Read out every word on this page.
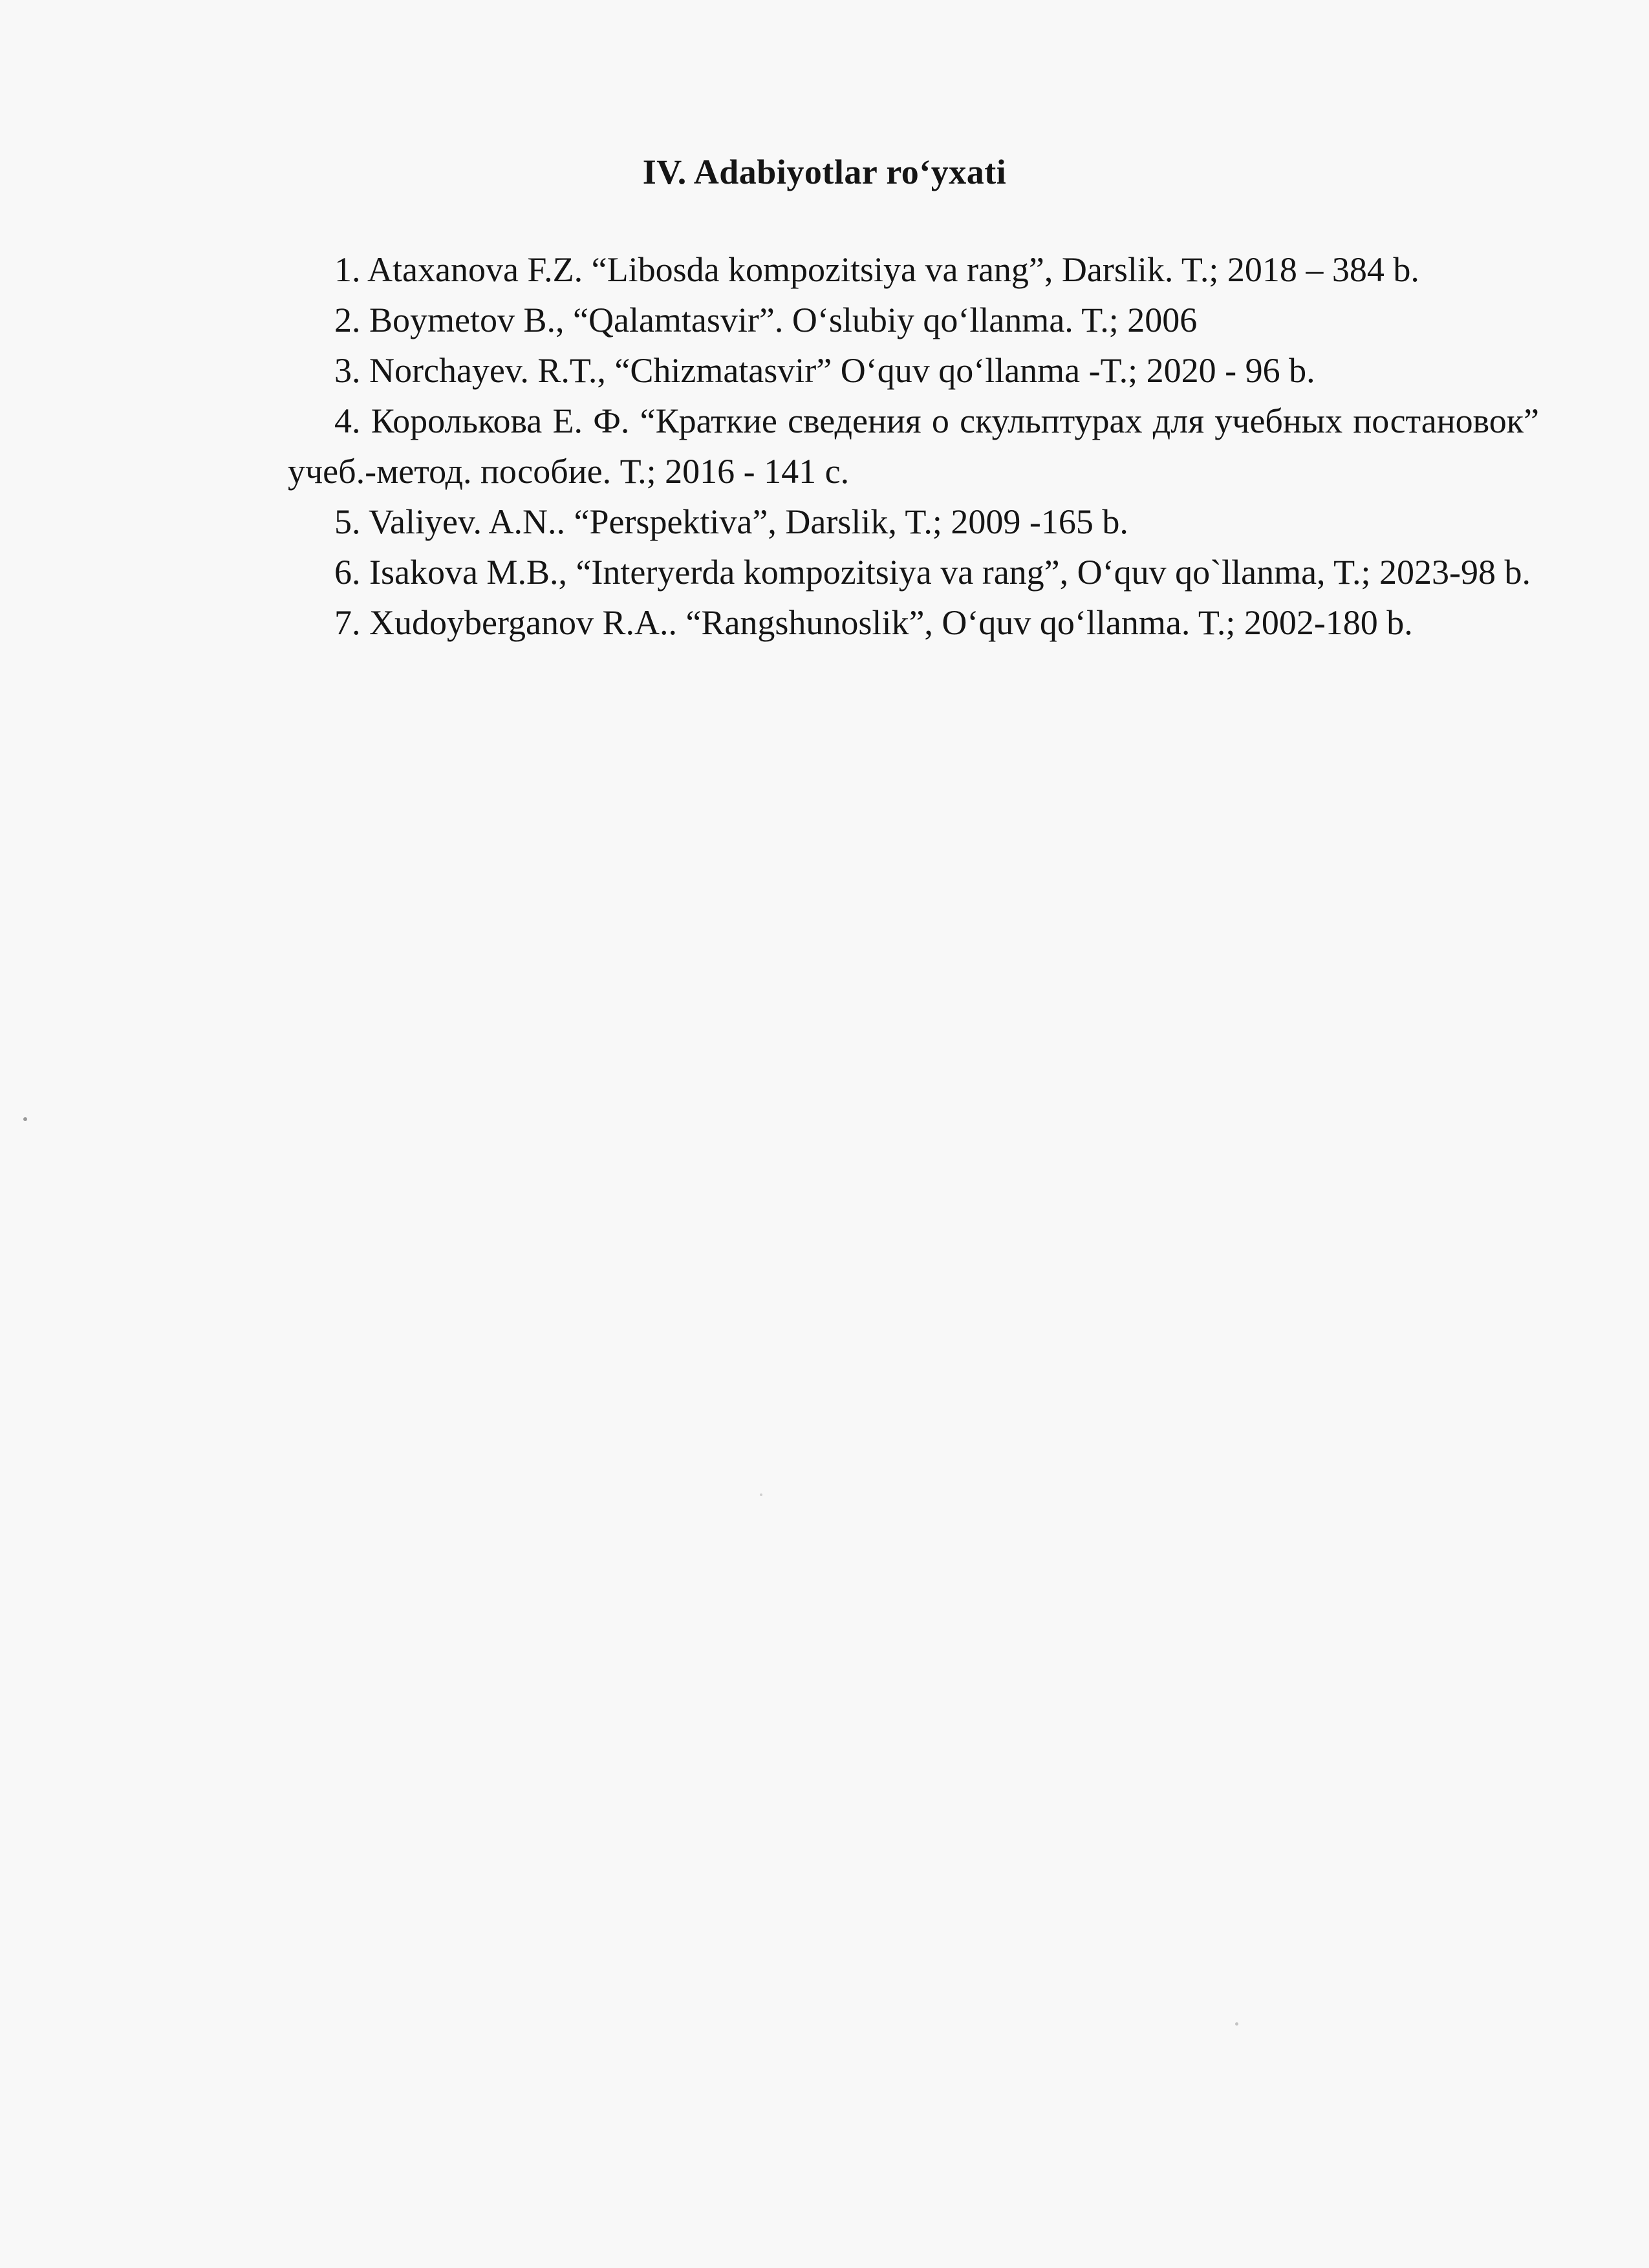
IV. Adabiyotlar ro‘yxati
1. Ataxanova F.Z. “Libosda kompozitsiya va rang”, Darslik. T.; 2018 – 384 b.
2. Boymetov B., “Qalamtasvir”. O‘slubiy qo‘llanma. T.; 2006
3. Norchayev. R.T., “Chizmatasvir” O‘quv qo‘llanma -T.; 2020 - 96 b.
4. Королькова Е. Ф. “Краткие сведения о скульптурах для учебных постановок” учеб.-метод. пособие. Т.; 2016 - 141 с.
5. Valiyev. A.N.. “Perspektiva”, Darslik, T.; 2009 -165 b.
6. Isakova M.B., “Interyerda kompozitsiya va rang”, O‘quv qo`llanma, T.; 2023-98 b.
7. Xudoyberganov R.A.. “Rangshunoslik”, O‘quv qo‘llanma. T.; 2002-180 b.
